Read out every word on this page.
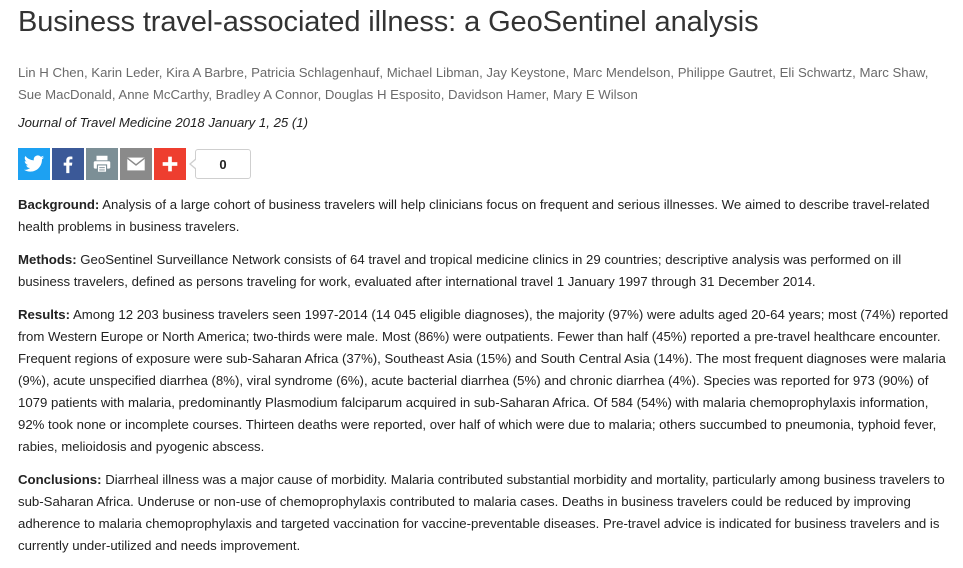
Business travel-associated illness: a GeoSentinel analysis

Lin H Chen, Karin Leder, Kira A Barbre, Patricia Schlagenhauf, Michael Libman, Jay Keystone, Marc Mendelson, Philippe Gautret, Eli Schwartz, Marc Shaw, Sue MacDonald, Anne McCarthy, Bradley A Connor, Douglas H Esposito, Davidson Hamer, Mary E Wilson

Journal of Travel Medicine 2018 January 1, 25 (1)

0

Background: Analysis of a large cohort of business travelers will help clinicians focus on frequent and serious illnesses. We aimed to describe travel-related health problems in business travelers.

Methods: GeoSentinel Surveillance Network consists of 64 travel and tropical medicine clinics in 29 countries; descriptive analysis was performed on ill business travelers, defined as persons traveling for work, evaluated after international travel 1 January 1997 through 31 December 2014.

Results: Among 12 203 business travelers seen 1997-2014 (14 045 eligible diagnoses), the majority (97%) were adults aged 20-64 years; most (74%) reported from Western Europe or North America; two-thirds were male. Most (86%) were outpatients. Fewer than half (45%) reported a pre-travel healthcare encounter. Frequent regions of exposure were sub-Saharan Africa (37%), Southeast Asia (15%) and South Central Asia (14%). The most frequent diagnoses were malaria (9%), acute unspecified diarrhea (8%), viral syndrome (6%), acute bacterial diarrhea (5%) and chronic diarrhea (4%). Species was reported for 973 (90%) of 1079 patients with malaria, predominantly Plasmodium falciparum acquired in sub-Saharan Africa. Of 584 (54%) with malaria chemoprophylaxis information, 92% took none or incomplete courses. Thirteen deaths were reported, over half of which were due to malaria; others succumbed to pneumonia, typhoid fever, rabies, melioidosis and pyogenic abscess.

Conclusions: Diarrheal illness was a major cause of morbidity. Malaria contributed substantial morbidity and mortality, particularly among business travelers to sub-Saharan Africa. Underuse or non-use of chemoprophylaxis contributed to malaria cases. Deaths in business travelers could be reduced by improving adherence to malaria chemoprophylaxis and targeted vaccination for vaccine-preventable diseases. Pre-travel advice is indicated for business travelers and is currently under-utilized and needs improvement.
